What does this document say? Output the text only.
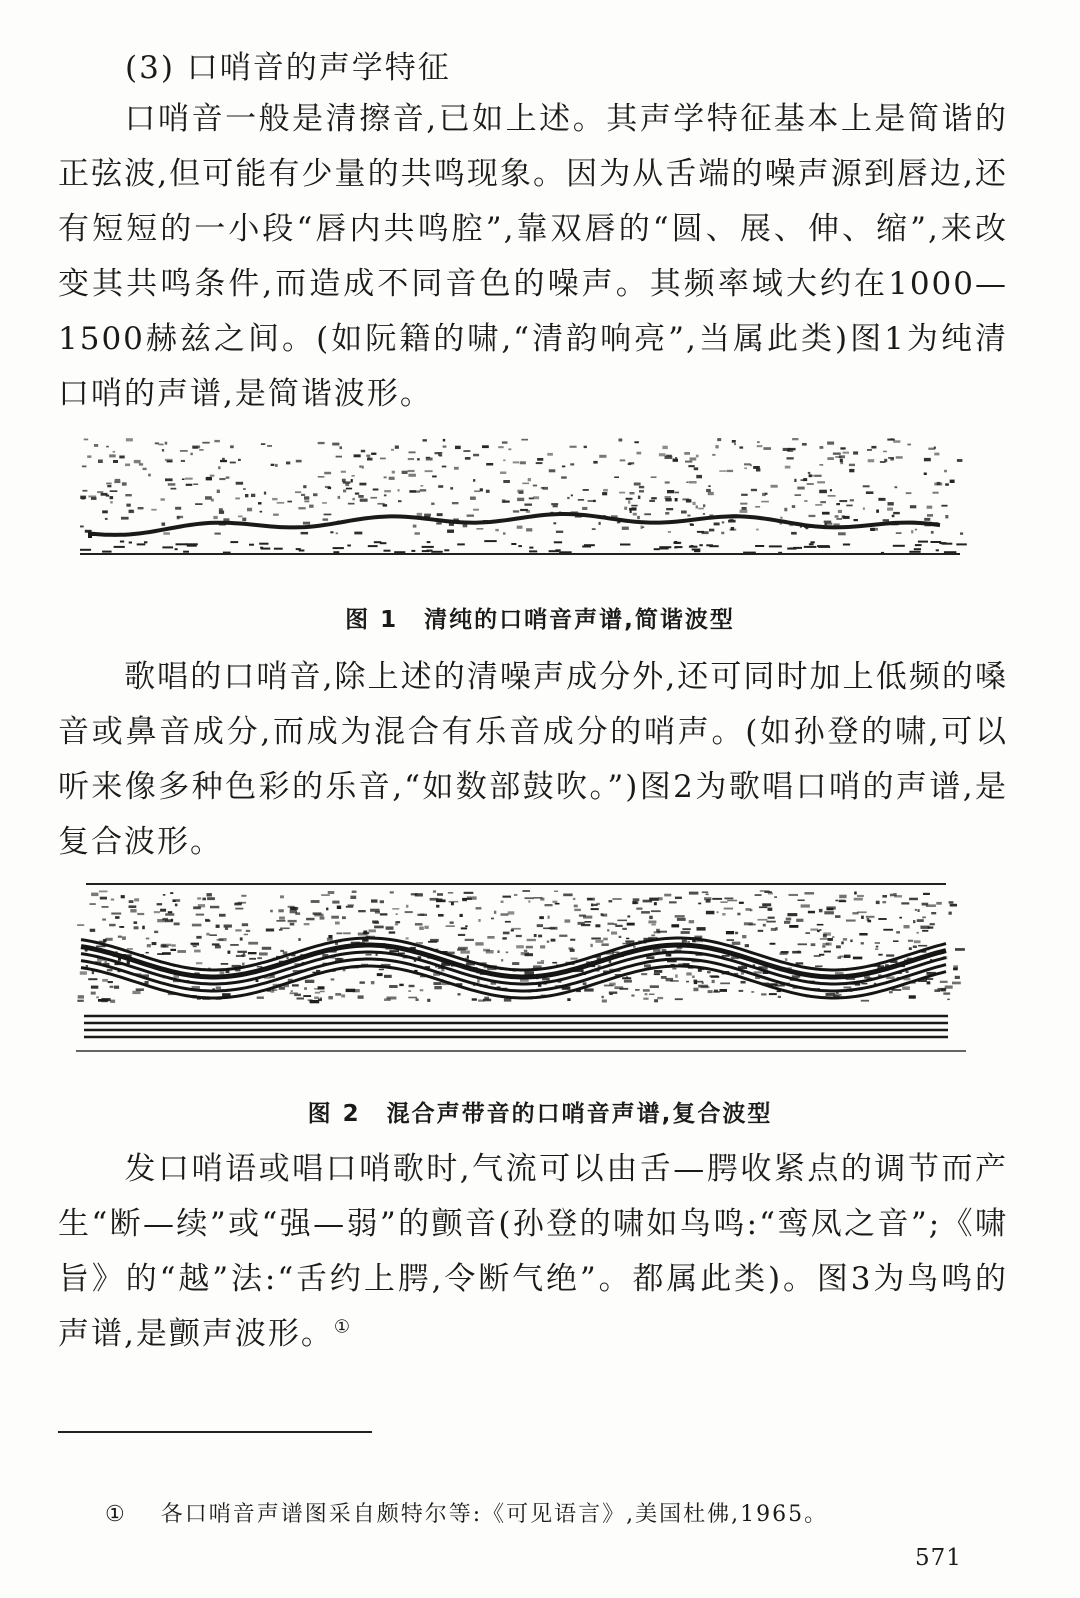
(3) 口哨音的声学特征

口哨音一般是清擦音,已如上述。其声学特征基本上是简谐的正弦波,但可能有少量的共鸣现象。因为从舌端的噪声源到唇边,还有短短的一小段“唇内共鸣腔”,靠双唇的“圆、展、伸、缩”,来改变其共鸣条件,而造成不同音色的噪声。其频率域大约在1000—1500赫兹之间。(如阮籍的啸,“清韵响亮”,当属此类)图1为纯清口哨的声谱,是简谐波形。

图 1 清纯的口哨音声谱,简谐波型

歌唱的口哨音,除上述的清噪声成分外,还可同时加上低频的嗓音或鼻音成分,而成为混合有乐音成分的哨声。(如孙登的啸,可以听来像多种色彩的乐音,“如数部鼓吹。”)图2为歌唱口哨的声谱,是复合波形。

图 2 混合声带音的口哨音声谱,复合波型

发口哨语或唱口哨歌时,气流可以由舌—腭收紧点的调节而产生“断—续”或“强—弱”的颤音(孙登的啸如鸟鸣:“鸾凤之音”;《啸旨》的“越”法:“舌约上腭,令断气绝”。都属此类)。图3为鸟鸣的声谱,是颤声波形。①

① 各口哨音声谱图采自颇特尔等:《可见语言》,美国杜佛,1965。
571
